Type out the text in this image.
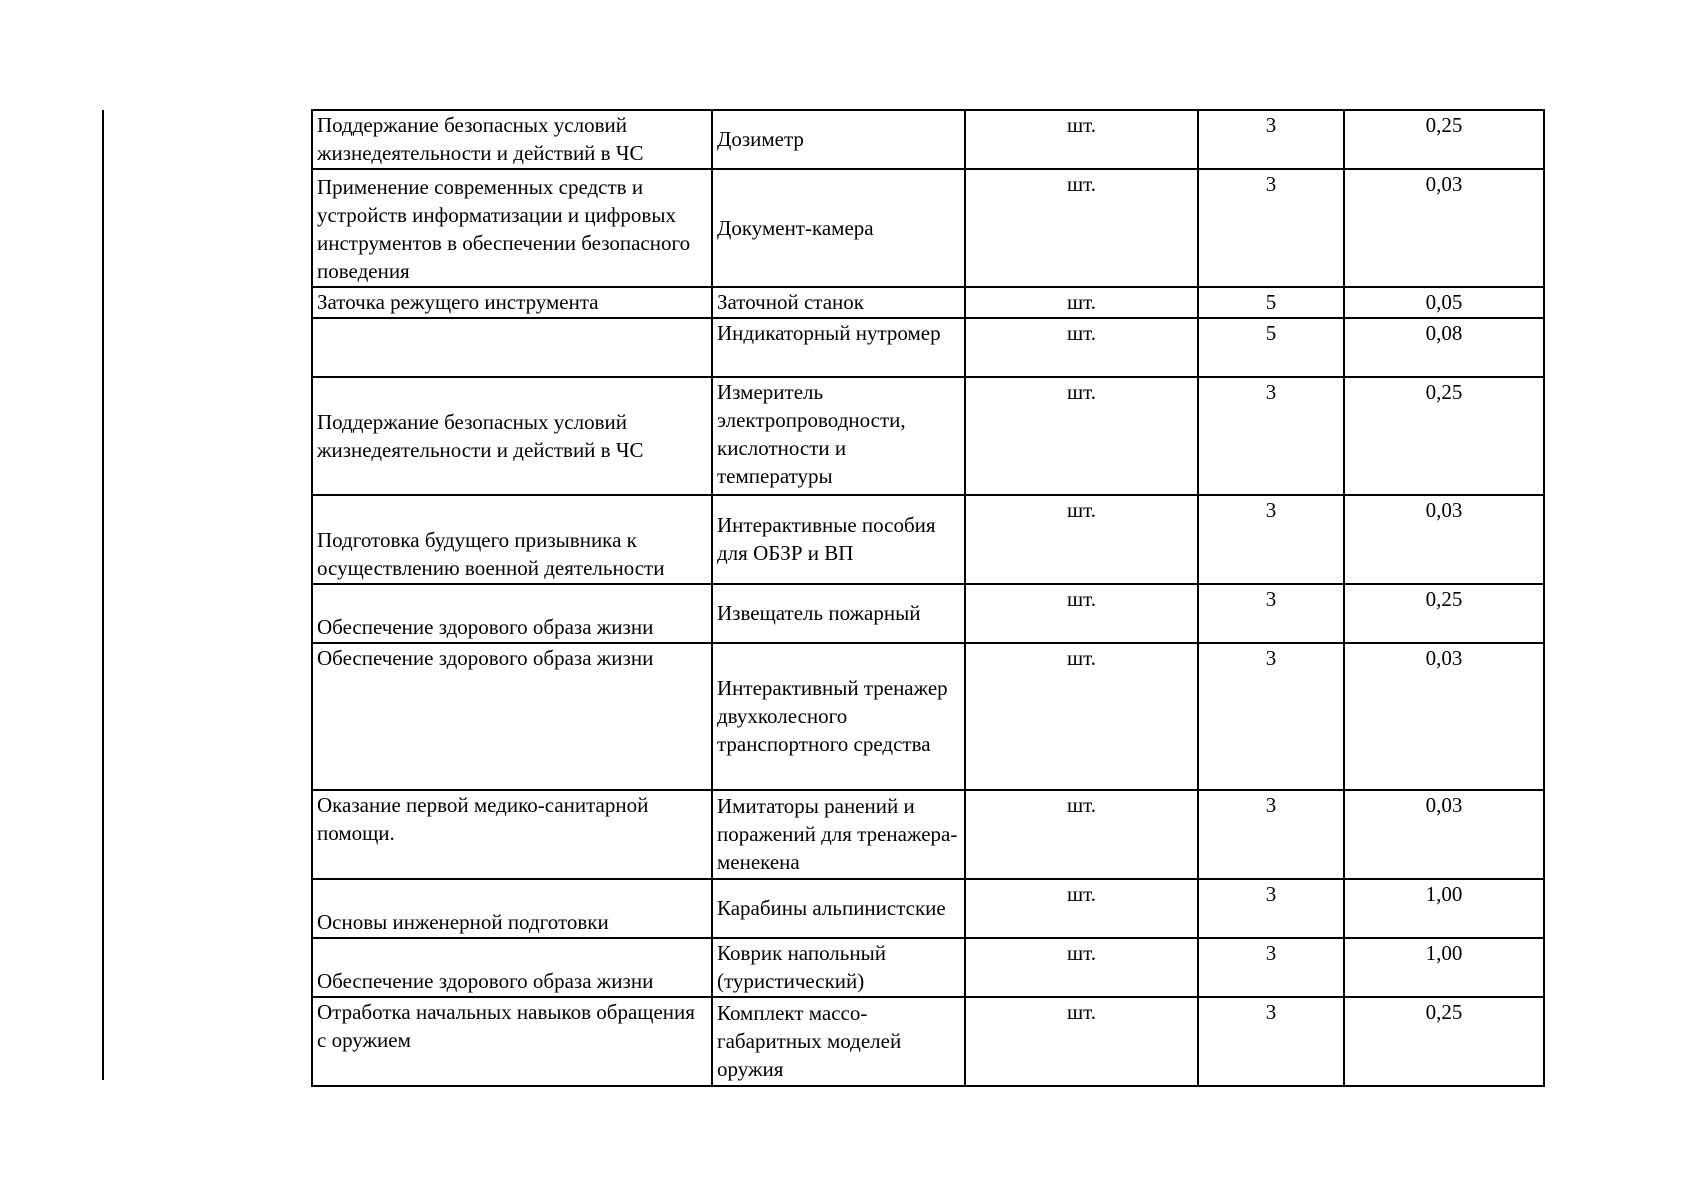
Поддержание безопасных условий жизнедеятельности и действий в ЧС	Дозиметр	шт.	3	0,25
Применение современных средств и устройств информатизации и цифровых инструментов в обеспечении безопасного поведения	Документ-камера	шт.	3	0,03
Заточка режущего инструмента	Заточной станок	шт.	5	0,05
	Индикаторный нутромер	шт.	5	0,08
Поддержание безопасных условий жизнедеятельности и действий в ЧС	Измеритель электропроводности, кислотности и температуры	шт.	3	0,25
Подготовка будущего призывника к осуществлению военной деятельности	Интерактивные пособия для ОБЗР и ВП	шт.	3	0,03
Обеспечение здорового образа жизни	Извещатель пожарный	шт.	3	0,25
Обеспечение здорового образа жизни	Интерактивный тренажер двухколесного транспортного средства	шт.	3	0,03
Оказание первой медико-санитарной помощи.	Имитаторы ранений и поражений для тренажера-менекена	шт.	3	0,03
Основы инженерной подготовки	Карабины альпинистские	шт.	3	1,00
Обеспечение здорового образа жизни	Коврик напольный (туристический)	шт.	3	1,00
Отработка начальных навыков обращения с оружием	Комплект массо-габаритных моделей оружия	шт.	3	0,25
